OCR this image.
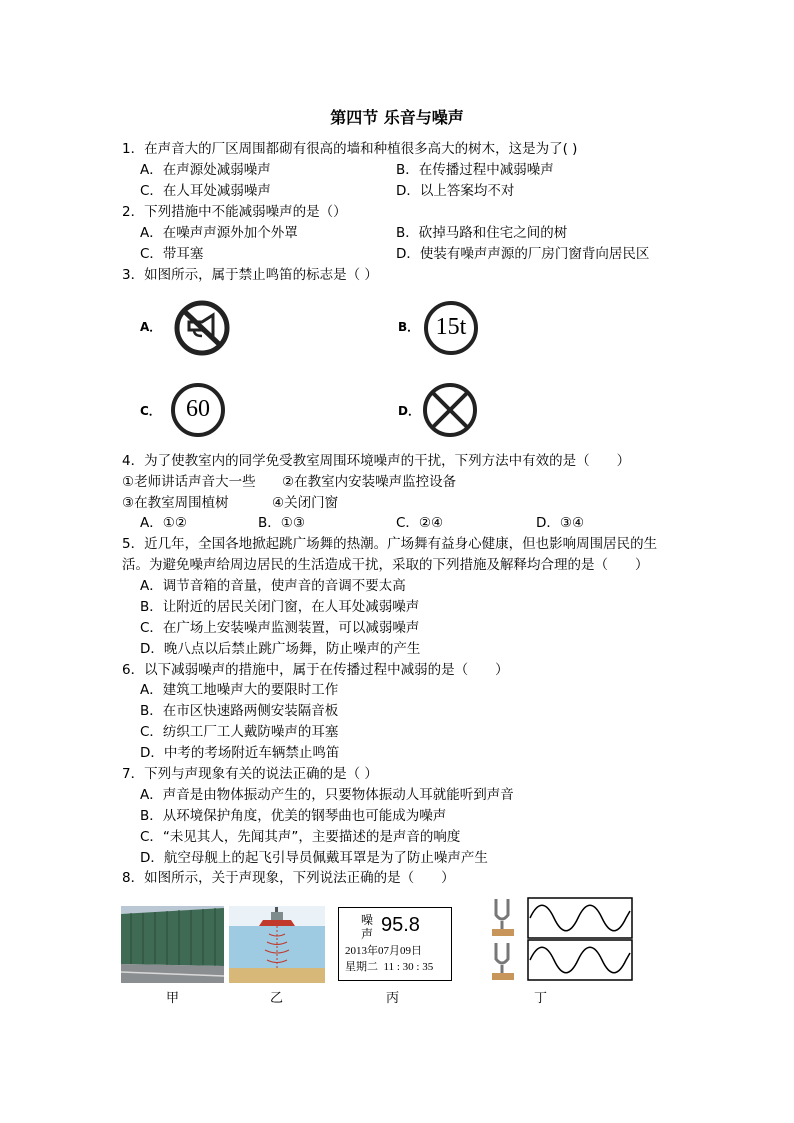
第四节 乐音与噪声
1．在声音大的厂区周围都砌有很高的墙和种植很多高大的树木，这是为了( )
A．在声源处减弱噪声	B．在传播过程中减弱噪声
C．在人耳处减弱噪声	D．以上答案均不对
2．下列措施中不能减弱噪声的是（）
A．在噪声声源外加个外罩	B．砍掉马路和住宅之间的树
C．带耳塞	D．使装有噪声声源的厂房门窗背向居民区
3．如图所示，属于禁止鸣笛的标志是（ ）
A．	B． 15t
C．	60	D．
4．为了使教室内的同学免受教室周围环境噪声的干扰，下列方法中有效的是（　　）
①老师讲话声音大一些 ②在教室内安装噪声监控设备
③在教室周围植树	④关闭门窗
A．①②	B．①③	C．②④	D．③④
5．近几年，全国各地掀起跳广场舞的热潮。广场舞有益身心健康，但也影响周围居民的生
活。为避免噪声给周边居民的生活造成干扰，采取的下列措施及解释均合理的是（　　）
A．调节音箱的音量，使声音的音调不要太高
B．让附近的居民关闭门窗，在人耳处减弱噪声
C．在广场上安装噪声监测装置，可以减弱噪声
D．晚八点以后禁止跳广场舞，防止噪声的产生
6．以下减弱噪声的措施中，属于在传播过程中减弱的是（　　）
A．建筑工地噪声大的要限时工作
B．在市区快速路两侧安装隔音板
C．纺织工厂工人戴防噪声的耳塞
D．中考的考场附近车辆禁止鸣笛
7．下列与声现象有关的说法正确的是（ ）
A．声音是由物体振动产生的，只要物体振动人耳就能听到声音
B．从环境保护角度，优美的钢琴曲也可能成为噪声
C．“未见其人，先闻其声”，主要描述的是声音的响度
D．航空母舰上的起飞引导员佩戴耳罩是为了防止噪声产生
8．如图所示，关于声现象，下列说法正确的是（　　）
甲	乙
噪
声 95.8
2013年07月09日
星期二  11 : 30 : 35
丙	丁
